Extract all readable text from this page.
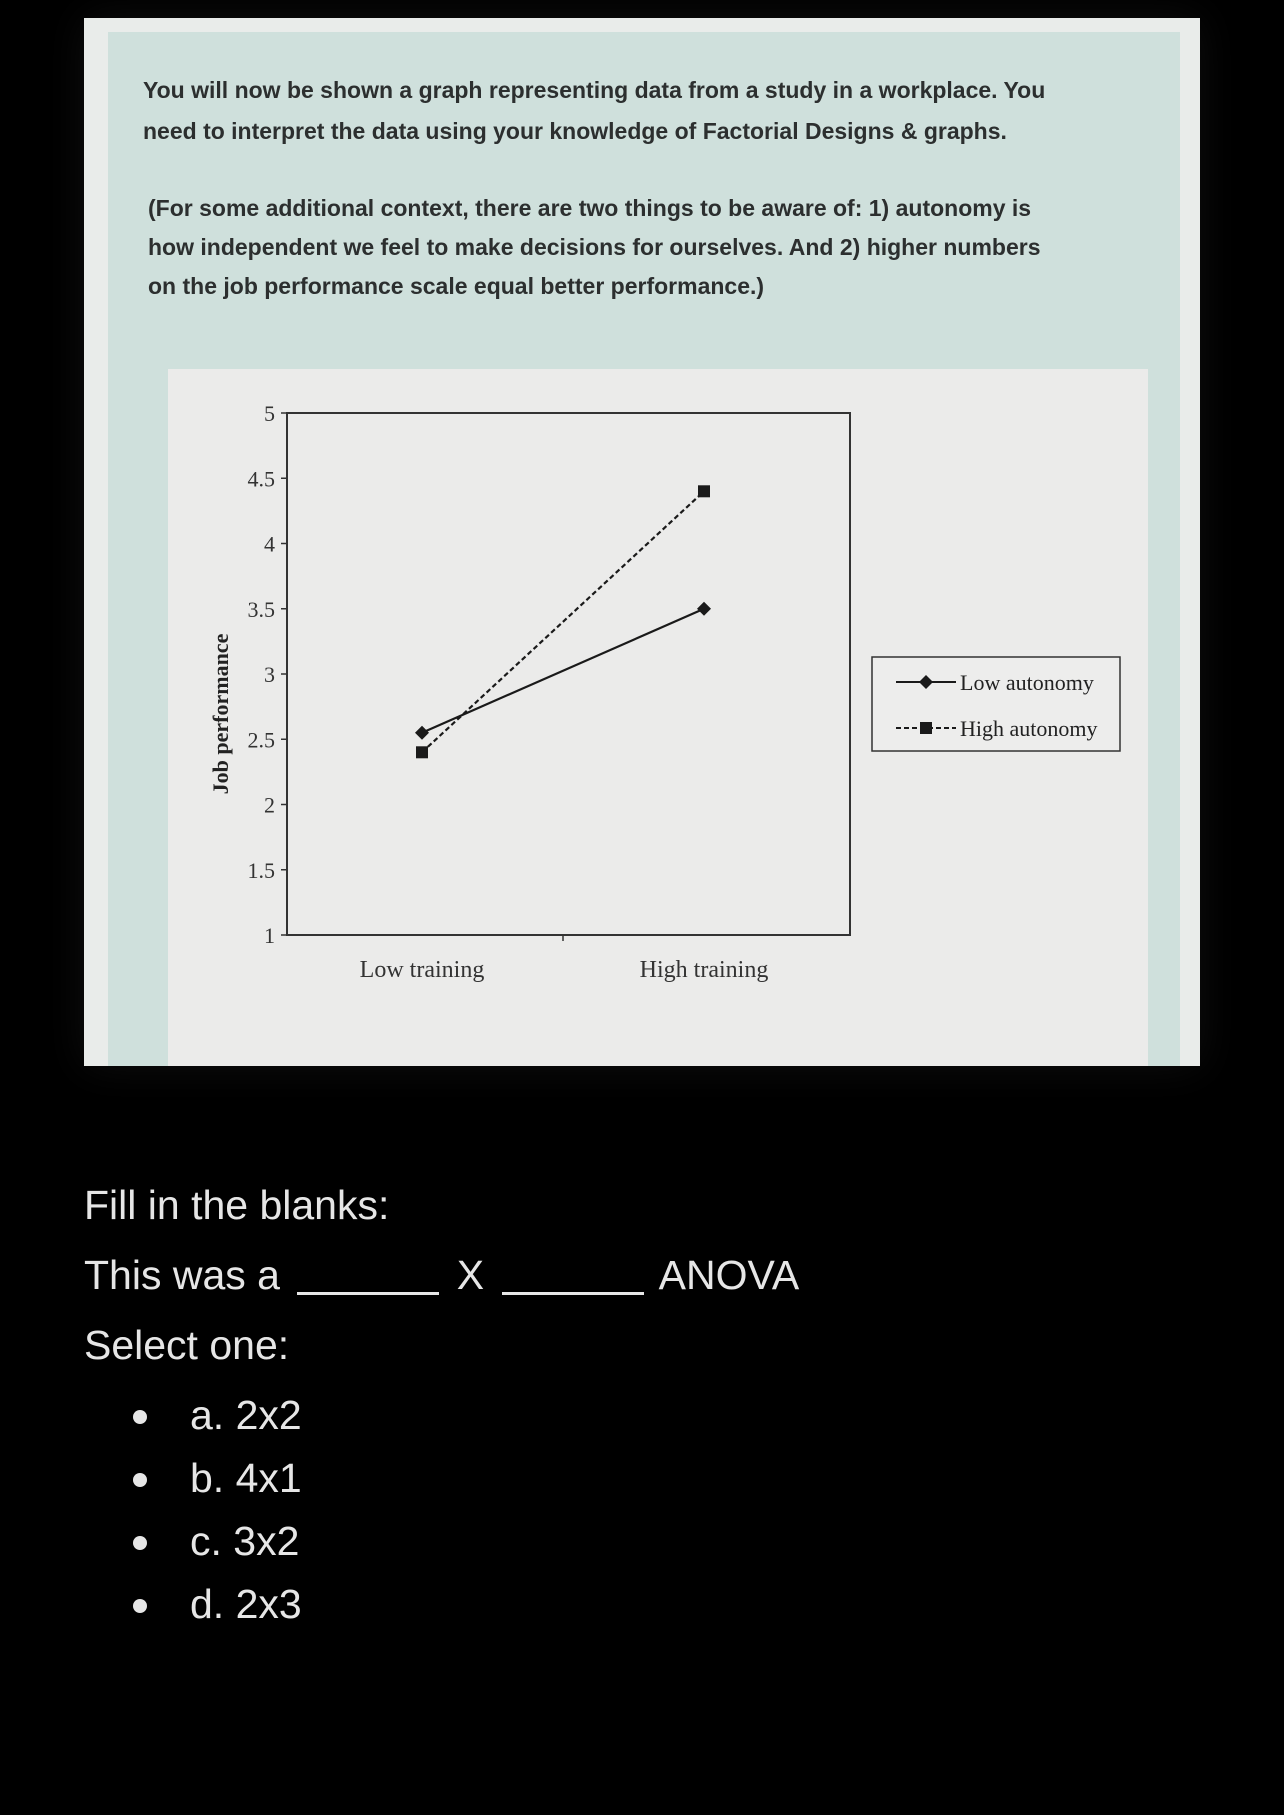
You will now be shown a graph representing data from a study in a workplace. You
need to interpret the data using your knowledge of Factorial Designs & graphs.

(For some additional context, there are two things to be aware of: 1) autonomy is
how independent we feel to make decisions for ourselves. And 2) higher numbers
on the job performance scale equal better performance.)

1
1.5
2
2.5
3
3.5
4
4.5
5
Low training	High training
Job performance	Low autonomy
High autonomy
Fill in the blanks:
This was a	X	ANOVA
Select one:
a. 2x2
b. 4x1
c. 3x2
d. 2x3
